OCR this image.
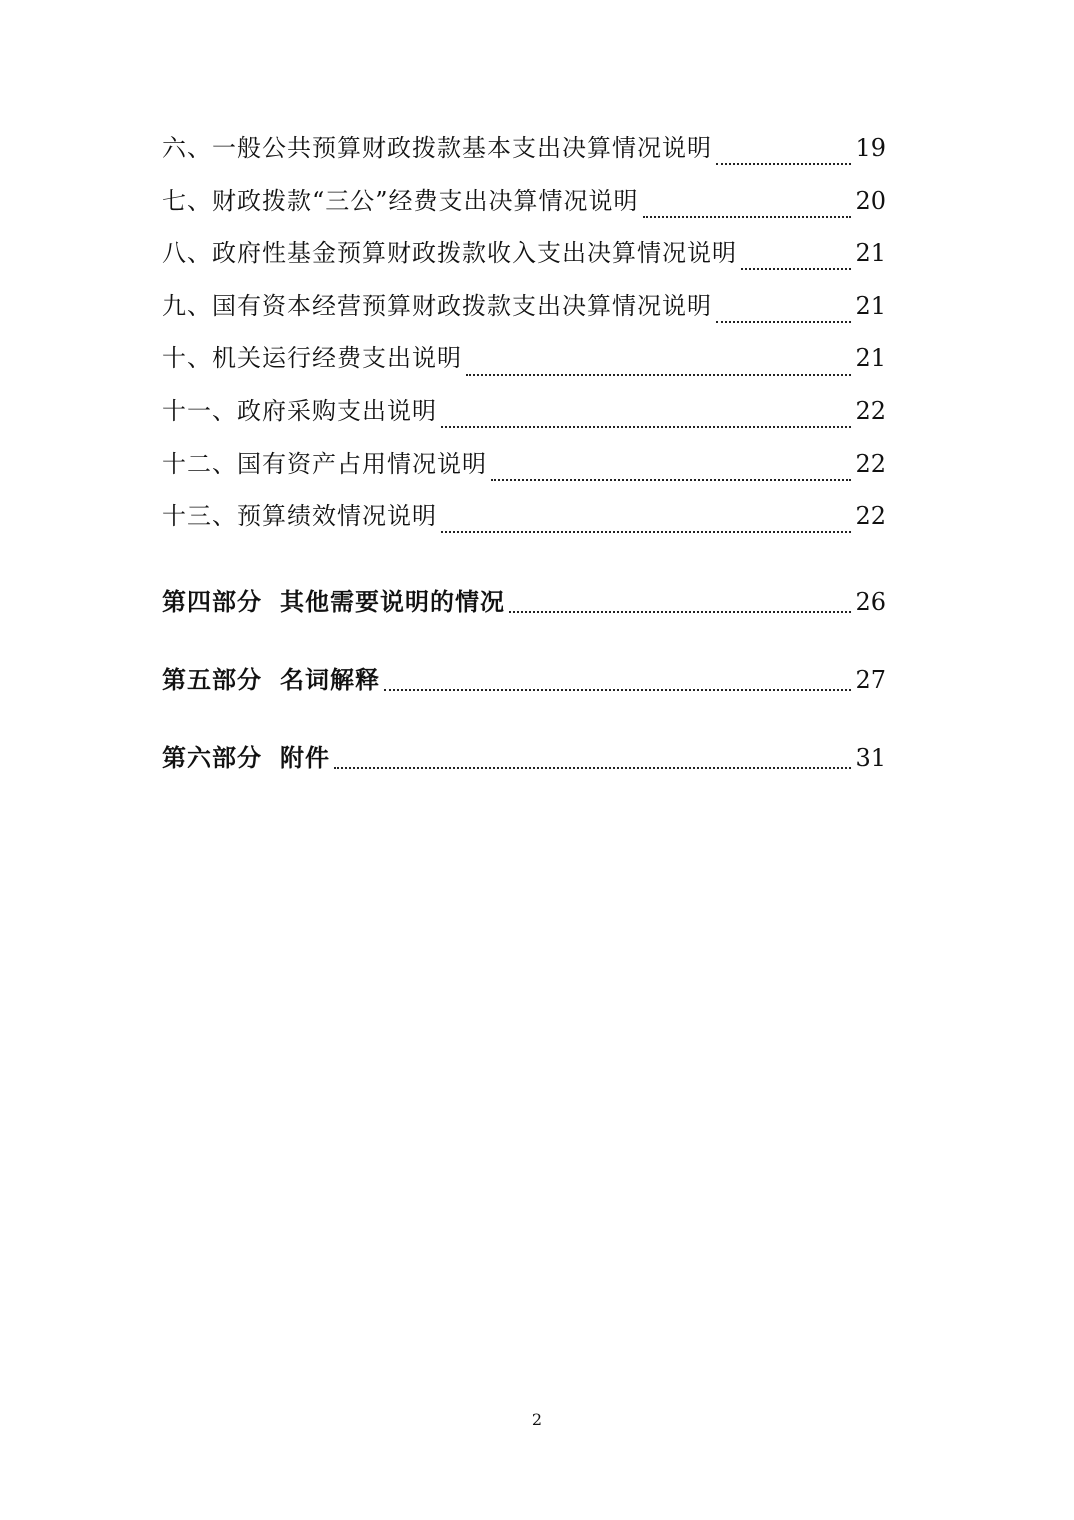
六、一般公共预算财政拨款基本支出决算情况说明	19
七、财政拨款“三公”经费支出决算情况说明	20
八、政府性基金预算财政拨款收入支出决算情况说明	21
九、国有资本经营预算财政拨款支出决算情况说明	21
十、机关运行经费支出说明	21
十一、政府采购支出说明	22
十二、国有资产占用情况说明	22
十三、预算绩效情况说明	22
第四部分 其他需要说明的情况	26
第五部分 名词解释	27
第六部分 附件	31
2
